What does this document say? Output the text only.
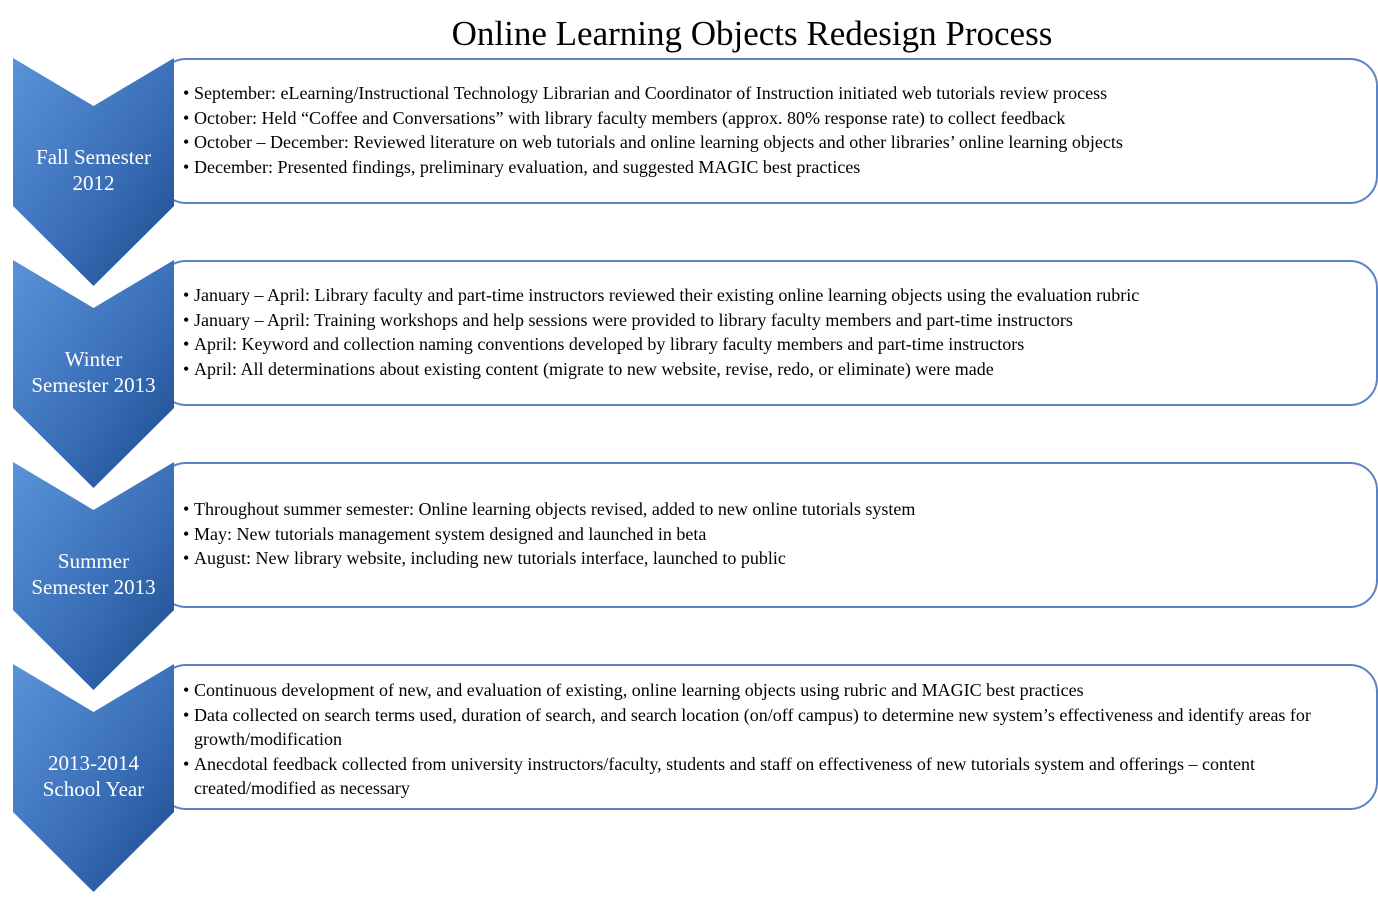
Online Learning Objects Redesign Process
Fall Semester
2012
• September: eLearning/Instructional Technology Librarian and Coordinator of Instruction initiated web tutorials review process
• October: Held “Coffee and Conversations” with library faculty members (approx. 80% response rate) to collect feedback
• October – December: Reviewed literature on web tutorials and online learning objects and other libraries’ online learning objects
• December: Presented findings, preliminary evaluation, and suggested MAGIC best practices
Winter
Semester 2013
• January – April: Library faculty and part-time instructors reviewed their existing online learning objects using the evaluation rubric
• January – April: Training workshops and help sessions were provided to library faculty members and part-time instructors
• April: Keyword and collection naming conventions developed by library faculty members and part-time instructors
• April: All determinations about existing content (migrate to new website, revise, redo, or eliminate) were made
Summer
Semester 2013
• Throughout summer semester: Online learning objects revised, added to new online tutorials system
• May: New tutorials management system designed and launched in beta
• August: New library website, including new tutorials interface, launched to public
2013-2014
School Year
• Continuous development of new, and evaluation of existing, online learning objects using rubric and MAGIC best practices
• Data collected on search terms used, duration of search, and search location (on/off campus) to determine new system’s effectiveness and identify areas for growth/modification
• Anecdotal feedback collected from university instructors/faculty, students and staff on effectiveness of new tutorials system and offerings – content created/modified as necessary
